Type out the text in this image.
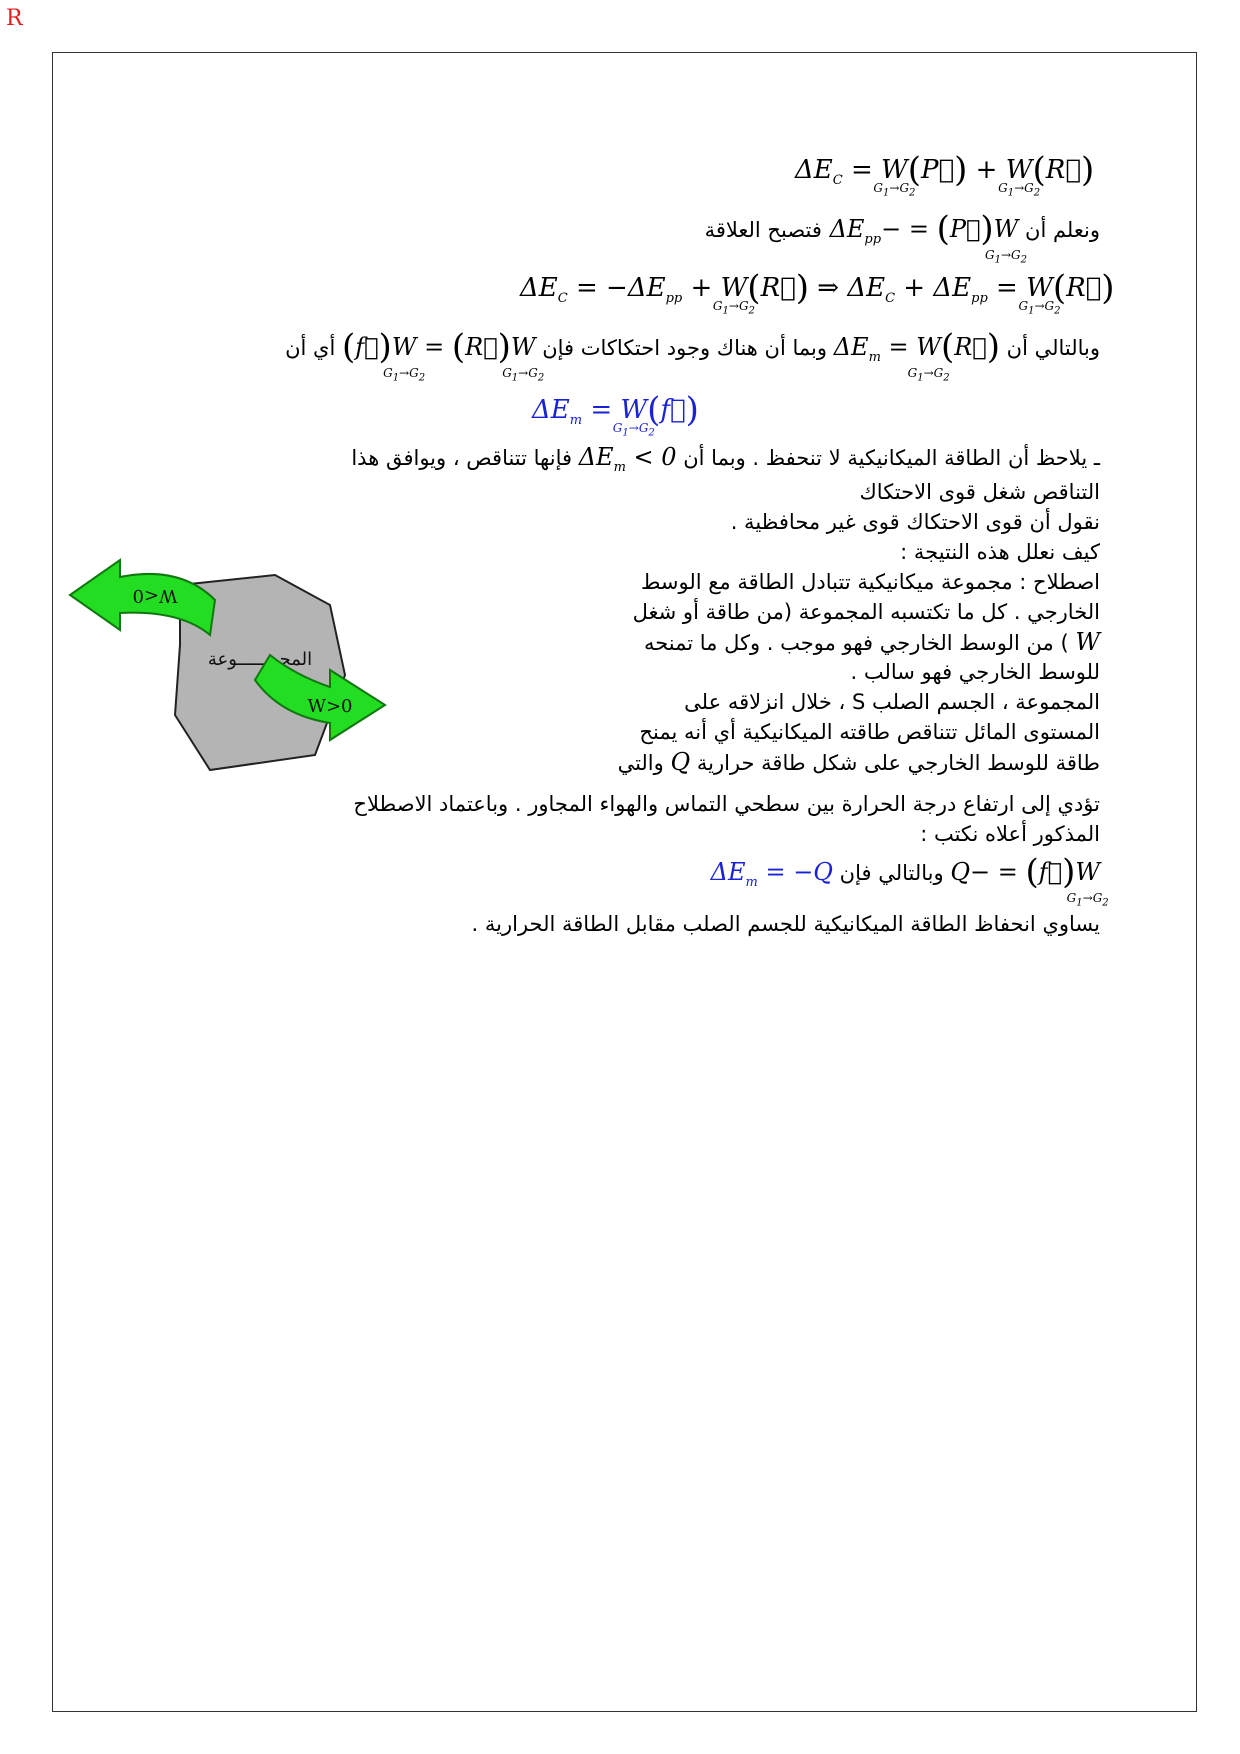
R
$\Delta E_C = W$
$G_1\to G_2$
(P⃗) + W
$G_1\to G_2$
(R⃗)
ونعلم أن W
$G_1\to G_2$
(P⃗) = $-\Delta E_{pp}$ فتصبح العلاقة
$\Delta E_C = -\Delta E_{pp} + W$
$G_1\to G_2$
(R⃗) ⇒ $\Delta E_C + \Delta E_{pp} = W$
$G_1\to G_2$
(R⃗)
وبالتالي أن $\Delta E_m = W$
$G_1\to G_2$
(R⃗) وبما أن هناك وجود احتكاكات فإن W
$G_1\to G_2$
(R⃗) = W
$G_1\to G_2$
(f⃗) أي أن
$\Delta E_m = W$
$G_1\to G_2$
(f⃗)
ـ يلاحظ أن الطاقة الميكانيكية لا تنحفظ . وبما أن $\Delta E_m < 0$ فإنها تتناقص ، ويوافق هذا
التناقص شغل قوى الاحتكاك
نقول أن قوى الاحتكاك قوى غير محافظية .
كيف نعلل هذه النتيجة :
اصطلاح : مجموعة ميكانيكية تتبادل الطاقة مع الوسط
الخارجي . كل ما تكتسبه المجموعة (من طاقة أو شغل
W ) من الوسط الخارجي فهو موجب . وكل ما تمنحه
للوسط الخارجي فهو سالب .
المجموعة ، الجسم الصلب S ، خلال انزلاقه على
المستوى المائل تتناقص طاقته الميكانيكية أي أنه يمنح
طاقة للوسط الخارجي على شكل طاقة حرارية Q والتي
تؤدي إلى ارتفاع درجة الحرارة بين سطحي التماس والهواء المجاور . وباعتماد الاصطلاح
المذكور أعلاه نكتب :
W
$G_1\to G_2$
(f⃗) = −Q وبالتالي فإن $\Delta E_m = -Q$
يساوي انحفاظ الطاقة الميكانيكية للجسم الصلب مقابل الطاقة الحرارية .
المجمــــــوعة
W<0
W>0
